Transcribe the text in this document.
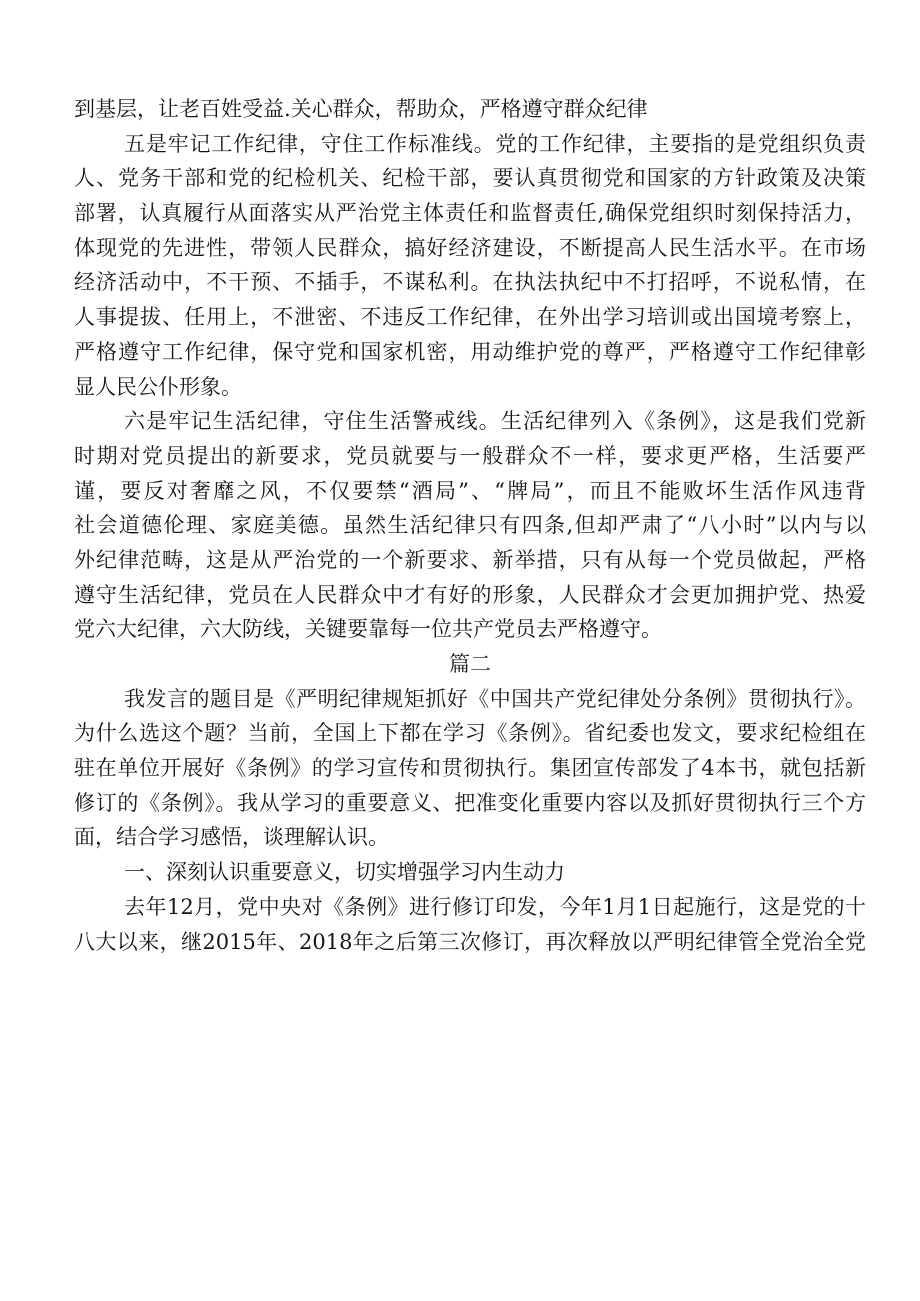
到基层，让老百姓受益.关心群众，帮助众，严格遵守群众纪律
五是牢记工作纪律，守住工作标准线。党的工作纪律，主要指的是党组织负责
人、党务干部和党的纪检机关、纪检干部，要认真贯彻党和国家的方针政策及决策
部署，认真履行从面落实从严治党主体责任和监督责任,确保党组织时刻保持活力，
体现党的先进性，带领人民群众，搞好经济建设，不断提高人民生活水平。在市场
经济活动中，不干预、不插手，不谋私利。在执法执纪中不打招呼，不说私情，在
人事提拔、任用上，不泄密、不违反工作纪律，在外出学习培训或出国境考察上，
严格遵守工作纪律，保守党和国家机密，用动维护党的尊严，严格遵守工作纪律彰
显人民公仆形象。
六是牢记生活纪律，守住生活警戒线。生活纪律列入《条例》，这是我们党新
时期对党员提出的新要求，党员就要与一般群众不一样，要求更严格，生活要严
谨，要反对奢靡之风，不仅要禁“酒局”、“牌局”，而且不能败坏生活作风违背
社会道德伦理、家庭美德。虽然生活纪律只有四条,但却严肃了“八小时”以内与以
外纪律范畴，这是从严治党的一个新要求、新举措，只有从每一个党员做起，严格
遵守生活纪律，党员在人民群众中才有好的形象，人民群众才会更加拥护党、热爱
党六大纪律，六大防线，关键要靠每一位共产党员去严格遵守。
篇二
我发言的题目是《严明纪律规矩抓好《中国共产党纪律处分条例》贯彻执行》。
为什么选这个题？当前，全国上下都在学习《条例》。省纪委也发文，要求纪检组在
驻在单位开展好《条例》的学习宣传和贯彻执行。集团宣传部发了4本书，就包括新
修订的《条例》。我从学习的重要意义、把准变化重要内容以及抓好贯彻执行三个方
面，结合学习感悟，谈理解认识。
一、深刻认识重要意义，切实增强学习内生动力
去年12月，党中央对《条例》进行修订印发，今年1月1日起施行，这是党的十
八大以来，继2015年、2018年之后第三次修订，再次释放以严明纪律管全党治全党
